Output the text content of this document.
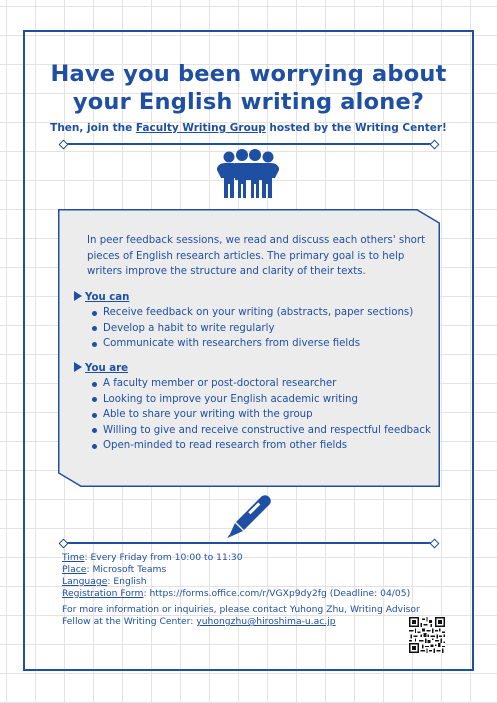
Have you been worrying about
your English writing alone?
Then, join the Faculty Writing Group hosted by the Writing Center!
In peer feedback sessions, we read and discuss each others' short pieces of English research articles. The primary goal is to help writers improve the structure and clarity of their texts.
You can
Receive feedback on your writing (abstracts, paper sections)
Develop a habit to write regularly
Communicate with researchers from diverse fields
You are
A faculty member or post-doctoral researcher
Looking to improve your English academic writing
Able to share your writing with the group
Willing to give and receive constructive and respectful feedback
Open-minded to read research from other fields
Time: Every Friday from 10:00 to 11:30
Place: Microsoft Teams
Language: English
Registration Form: https://forms.office.com/r/VGXp9dy2fg (Deadline: 04/05)
For more information or inquiries, please contact Yuhong Zhu, Writing Advisor Fellow at the Writing Center: yuhongzhu@hiroshima-u.ac.jp
